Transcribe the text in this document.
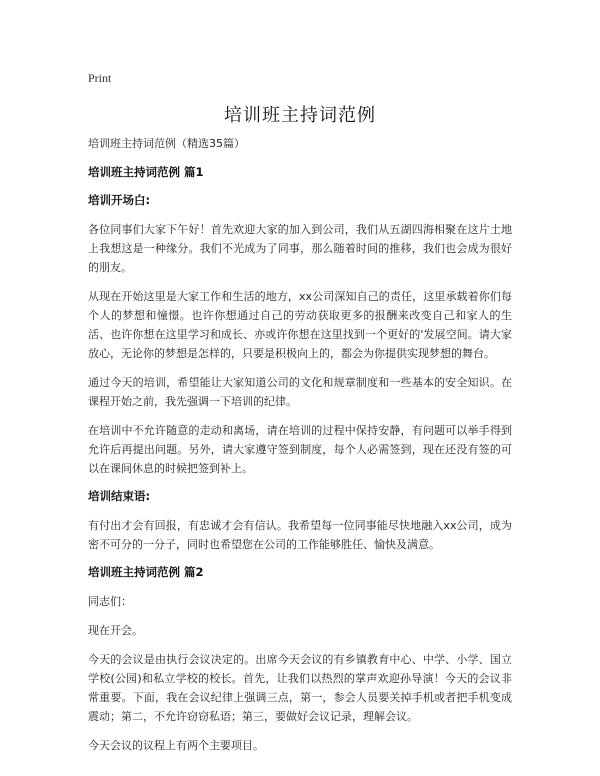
Print
培训班主持词范例

培训班主持词范例（精选35篇）

培训班主持词范例 篇1
培训开场白:

各位同事们大家下午好！首先欢迎大家的加入到公司，我们从五湖四海相聚在这片土地上我想这是一种缘分。我们不光成为了同事，那么随着时间的推移，我们也会成为很好的朋友。

从现在开始这里是大家工作和生活的地方，xx公司深知自己的责任，这里承载着你们每个人的梦想和憧憬。也许你想通过自己的劳动获取更多的报酬来改变自己和家人的生活、也许你想在这里学习和成长、亦或许你想在这里找到一个更好的'发展空间。请大家放心，无论你的梦想是怎样的，只要是积极向上的，都会为你提供实现梦想的舞台。

通过今天的培训，希望能让大家知道公司的文化和规章制度和一些基本的安全知识。在课程开始之前，我先强调一下培训的纪律。

在培训中不允许随意的走动和离场，请在培训的过程中保持安静，有问题可以举手得到允许后再提出问题。另外，请大家遵守签到制度，每个人必需签到，现在还没有签的可以在课间休息的时候把签到补上。

培训结束语:

有付出才会有回报，有忠诚才会有信认。我希望每一位同事能尽快地融入xx公司，成为密不可分的一分子，同时也希望您在公司的工作能够胜任、愉快及满意。

培训班主持词范例 篇2

同志们：

现在开会。

今天的会议是由执行会议决定的。出席今天会议的有乡镇教育中心、中学、小学、国立学校(公园)和私立学校的校长。首先，让我们以热烈的掌声欢迎孙导演！今天的会议非常重要。下面，我在会议纪律上强调三点，第一，参会人员要关掉手机或者把手机变成震动；第二，不允许窃窃私语；第三，要做好会议记录，理解会议。

今天会议的议程上有两个主要项目。
